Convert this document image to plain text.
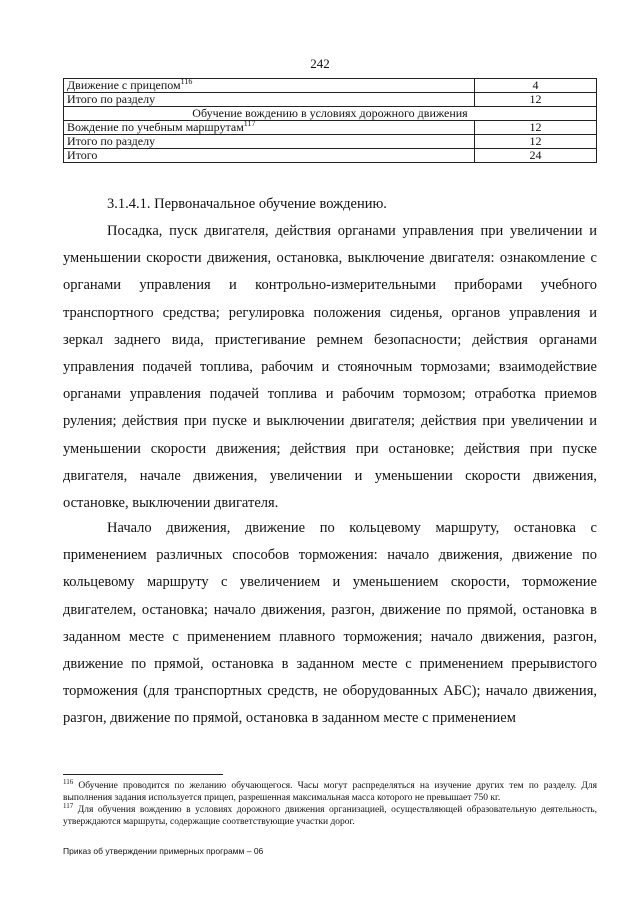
242
Движение с прицепом$^{116}$	4
Итого по разделу	12
Обучение вождению в условиях дорожного движения	
Вождение по учебным маршрутам$^{117}$	12
Итого по разделу	12
Итого	24
3.1.4.1. Первоначальное обучение вождению.

Посадка, пуск двигателя, действия органами управления при увеличении и уменьшении скорости движения, остановка, выключение двигателя: ознакомление с органами управления и контрольно-измерительными приборами учебного транспортного средства; регулировка положения сиденья, органов управления и зеркал заднего вида, пристегивание ремнем безопасности; действия органами управления подачей топлива, рабочим и стояночным тормозами; взаимодействие органами управления подачей топлива и рабочим тормозом; отработка приемов руления; действия при пуске и выключении двигателя; действия при увеличении и уменьшении скорости движения; действия при остановке; действия при пуске двигателя, начале движения, увеличении и уменьшении скорости движения, остановке, выключении двигателя.

Начало движения, движение по кольцевому маршруту, остановка с применением различных способов торможения: начало движения, движение по кольцевому маршруту с увеличением и уменьшением скорости, торможение двигателем, остановка; начало движения, разгон, движение по прямой, остановка в заданном месте с применением плавного торможения; начало движения, разгон, движение по прямой, остановка в заданном месте с применением прерывистого торможения (для транспортных средств, не оборудованных АБС); начало движения, разгон, движение по прямой, остановка в заданном месте с применением

$^{116}$ Обучение проводится по желанию обучающегося. Часы могут распределяться на изучение других тем по разделу. Для выполнения задания используется прицеп, разрешенная максимальная масса которого не превышает 750 кг.

$^{117}$ Для обучения вождению в условиях дорожного движения организацией, осуществляющей образовательную деятельность, утверждаются маршруты, содержащие соответствующие участки дорог.

Приказ об утверждении примерных программ – 06
